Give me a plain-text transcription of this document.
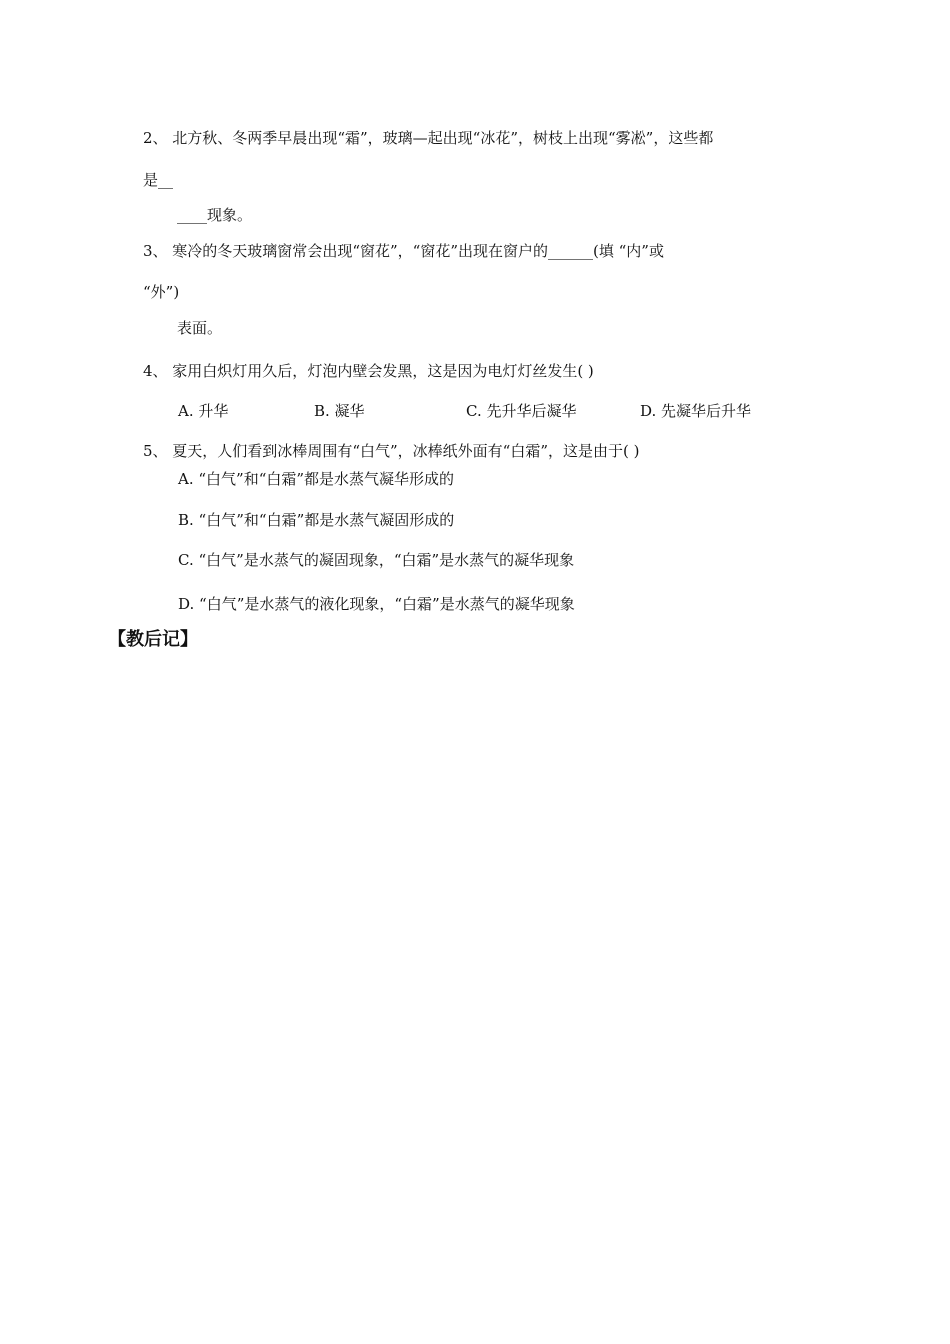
2、 北方秋、冬两季早晨出现“霜”，玻璃—起出现“冰花”，树枝上出现“雾凇”，这些都
是__
____现象。
3、 寒冷的冬天玻璃窗常会出现“窗花”，“窗花”出现在窗户的______(填 “内”或
“外”)
表面。
4、 家用白炽灯用久后，灯泡内壁会发黑，这是因为电灯灯丝发生( )
A. 升华	B. 凝华	C. 先升华后凝华	D. 先凝华后升华
5、 夏天，人们看到冰棒周围有“白气”，冰棒纸外面有“白霜”，这是由于( )
A. “白气”和“白霜”都是水蒸气凝华形成的
B. “白气”和“白霜”都是水蒸气凝固形成的
C. “白气”是水蒸气的凝固现象，“白霜”是水蒸气的凝华现象
D. “白气”是水蒸气的液化现象，“白霜”是水蒸气的凝华现象
【教后记】
